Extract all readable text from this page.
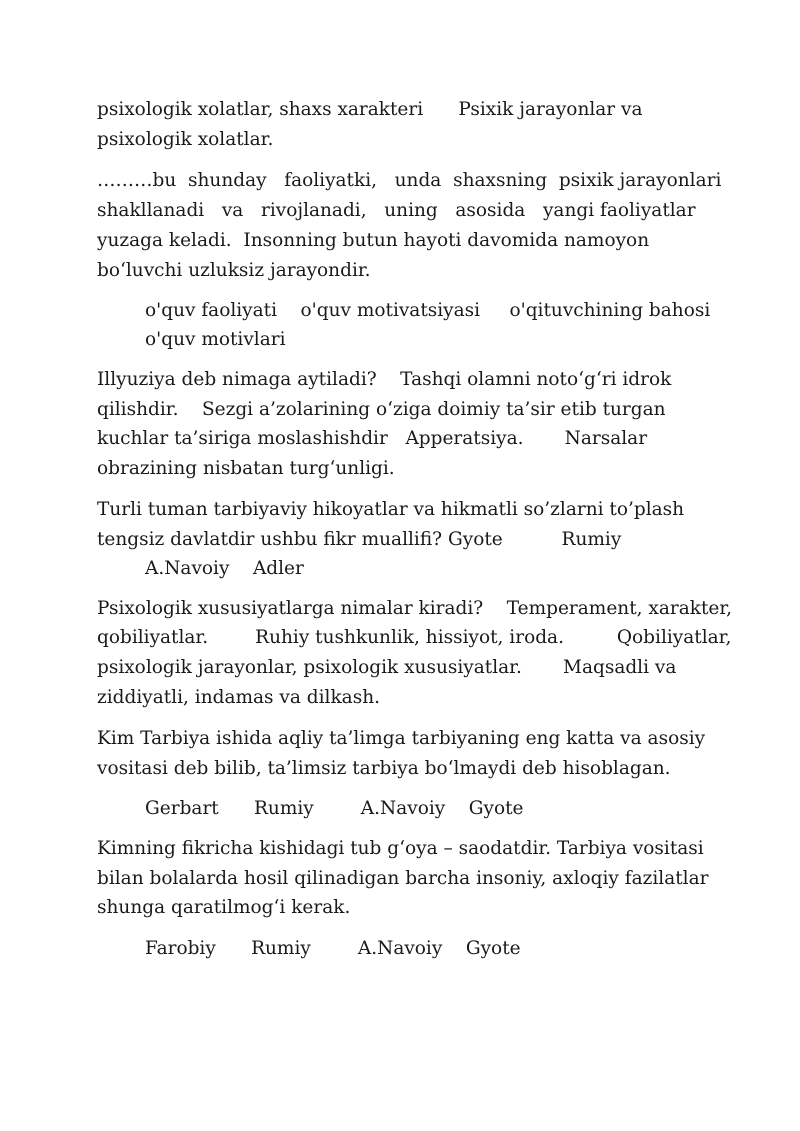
psixologik xolatlar, shaxs xarakteri      Psixik jarayonlar va
psixologik xolatlar.
………bu  shunday   faoliyatki,   unda  shaxsning  psixik jarayonlari
shakllanadi   va   rivojlanadi,   uning   asosida   yangi faoliyatlar
yuzaga keladi.  Insonning butun hayoti davomida namoyon
bo‘luvchi uzluksiz jarayondir.
o'quv faoliyati    o'quv motivatsiyasi     o'qituvchining bahosi
o'quv motivlari
Illyuziya deb nimaga aytiladi?    Tashqi olamni noto‘g‘ri idrok
qilishdir.    Sezgi a’zolarining o‘ziga doimiy ta’sir etib turgan
kuchlar ta’siriga moslashishdir   Apperatsiya.       Narsalar
obrazining nisbatan turg‘unligi.
Turli tuman tarbiyaviy hikoyatlar va hikmatli so’zlarni to’plash
tengsiz davlatdir ushbu fikr muallifi? Gyote          Rumiy
A.Navoiy    Adler
Psixologik xususiyatlarga nimalar kiradi?    Temperament, xarakter,
qobiliyatlar.        Ruhiy tushkunlik, hissiyot, iroda.         Qobiliyatlar,
psixologik jarayonlar, psixologik xususiyatlar.       Maqsadli va
ziddiyatli, indamas va dilkash.
Kim Tarbiya ishida aqliy ta’limga tarbiyaning eng katta va asosiy
vositasi deb bilib, ta’limsiz tarbiya bo‘lmaydi deb hisoblagan.
Gerbart      Rumiy        A.Navoiy    Gyote
Kimning fikricha kishidagi tub g‘oya – saodatdir. Tarbiya vositasi
bilan bolalarda hosil qilinadigan barcha insoniy, axloqiy fazilatlar
shunga qaratilmog‘i kerak.
Farobiy      Rumiy        A.Navoiy    Gyote
